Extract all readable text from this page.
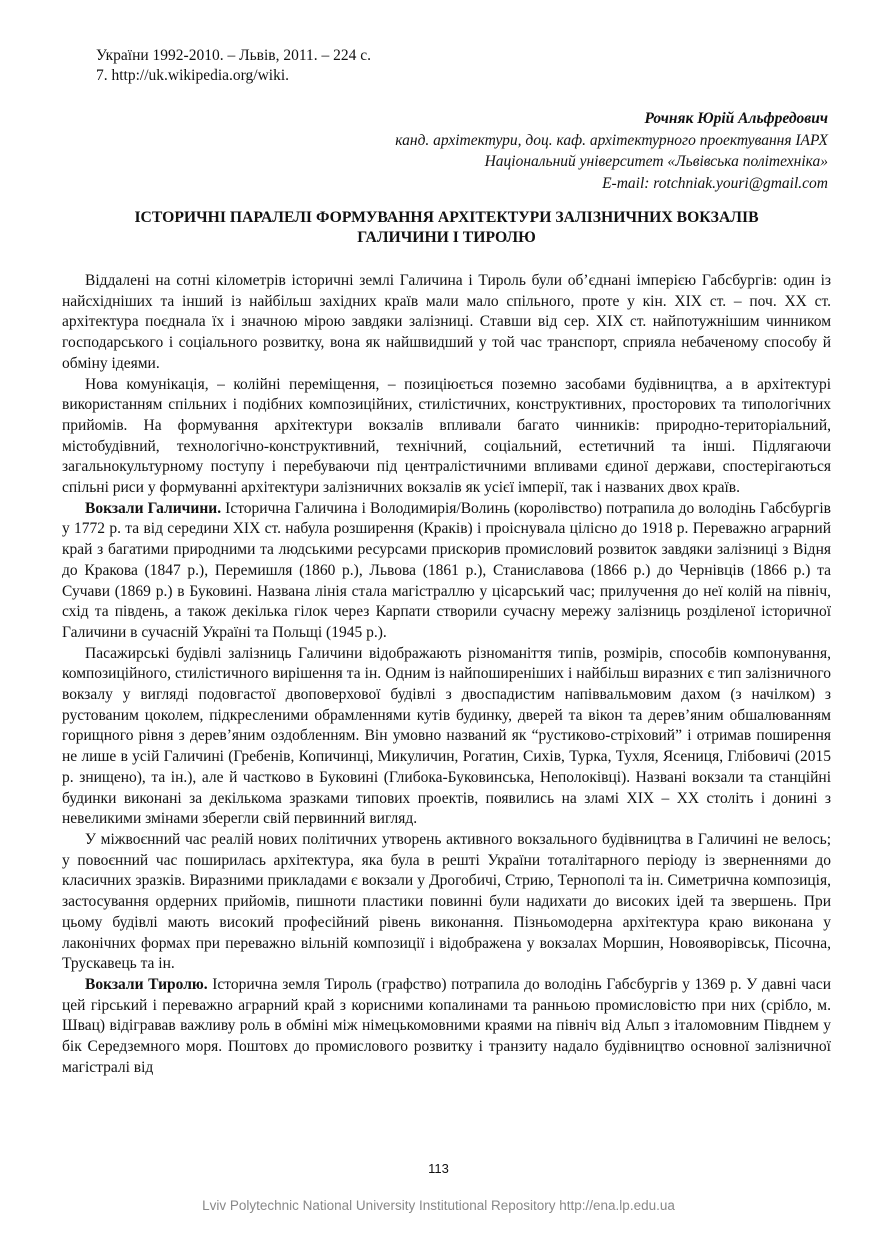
України 1992-2010. – Львів, 2011. – 224 с.
7. http://uk.wikipedia.org/wiki.
Рочняк Юрій Альфредович
канд. архітектури, доц. каф. архітектурного проектування ІАРХ
Національний університет «Львівська політехніка»
E-mail: rotchniak.youri@gmail.com
ІСТОРИЧНІ ПАРАЛЕЛІ ФОРМУВАННЯ АРХІТЕКТУРИ ЗАЛІЗНИЧНИХ ВОКЗАЛІВ
ГАЛИЧИНИ І ТИРОЛЮ

Віддалені на сотні кілометрів історичні землі Галичина і Тироль були об’єднані імперією Габсбургів: один із найсхідніших та інший із найбільш західних країв мали мало спільного, проте у кін. ХІХ ст. – поч. ХХ ст. архітектура поєднала їх і значною мірою завдяки залізниці. Ставши від сер. ХІХ ст. найпотужнішим чинником господарського і соціального розвитку, вона як найшвидший у той час транспорт, сприяла небаченому способу й обміну ідеями.

Нова комунікація, – колійні переміщення, – позиціюється поземно засобами будівництва, а в архітектурі використанням спільних і подібних композиційних, стилістичних, конструктивних, просторових та типологічних прийомів. На формування архітектури вокзалів впливали багато чинників: природно-територіальний, містобудівний, технологічно-конструктивний, технічний, соціальний, естетичний та інші. Підлягаючи загальнокультурному поступу і перебуваючи під централістичними впливами єдиної держави, спостерігаються спільні риси у формуванні архітектури залізничних вокзалів як усієї імперії, так і названих двох країв.

Вокзали Галичини. Історична Галичина і Володимирія/Волинь (королівство) потрапила до володінь Габсбургів у 1772 р. та від середини ХІХ ст. набула розширення (Краків) і проіснувала цілісно до 1918 р. Переважно аграрний край з багатими природними та людськими ресурсами прискорив промисловий розвиток завдяки залізниці з Відня до Кракова (1847 р.), Перемишля (1860 р.), Львова (1861 р.), Станиславова (1866 р.) до Чернівців (1866 р.) та Сучави (1869 р.) в Буковині. Названа лінія стала магістраллю у цісарський час; прилучення до неї колій на північ, схід та південь, а також декілька гілок через Карпати створили сучасну мережу залізниць розділеної історичної Галичини в сучасній Україні та Польщі (1945 р.).

Пасажирські будівлі залізниць Галичини відображають різноманіття типів, розмірів, способів компонування, композиційного, стилістичного вирішення та ін. Одним із найпоширеніших і найбільш виразних є тип залізничного вокзалу у вигляді подовгастої двоповерхової будівлі з двоспадистим напіввальмовим дахом (з начілком) з рустованим цоколем, підкресленими обрамленнями кутів будинку, дверей та вікон та дерев’яним обшалюванням горищного рівня з дерев’яним оздобленням. Він умовно названий як “рустиково-стріховий” і отримав поширення не лише в усій Галичині (Гребенів, Копичинці, Микуличин, Рогатин, Сихів, Турка, Тухля, Ясениця, Глібовичі (2015 р. знищено), та ін.), але й частково в Буковині (Глибока-Буковинська, Неполоківці). Названі вокзали та станційні будинки виконані за декількома зразками типових проектів, появились на зламі ХІХ – ХХ століть і донині з невеликими змінами зберегли свій первинний вигляд.

У міжвоєнний час реалій нових політичних утворень активного вокзального будівництва в Галичині не велось; у повоєнний час поширилась архітектура, яка була в решті України тоталітарного періоду із зверненнями до класичних зразків. Виразними прикладами є вокзали у Дрогобичі, Стрию, Тернополі та ін. Симетрична композиція, застосування ордерних прийомів, пишноти пластики повинні були надихати до високих ідей та звершень. При цьому будівлі мають високий професійний рівень виконання. Пізньомодерна архітектура краю виконана у лаконічних формах при переважно вільній композиції і відображена у вокзалах Моршин, Новояворівськ, Пісочна, Трускавець та ін.

Вокзали Тиролю. Історична земля Тироль (графство) потрапила до володінь Габсбургів у 1369 р. У давні часи цей гірський і переважно аграрний край з корисними копалинами та ранньою промисловістю при них (срібло, м. Швац) відігравав важливу роль в обміні між німецькомовними краями на північ від Альп з італомовним Півднем у бік Середземного моря. Поштовх до промислового розвитку і транзиту надало будівництво основної залізничної магістралі від

113
Lviv Polytechnic National University Institutional Repository http://ena.lp.edu.ua
